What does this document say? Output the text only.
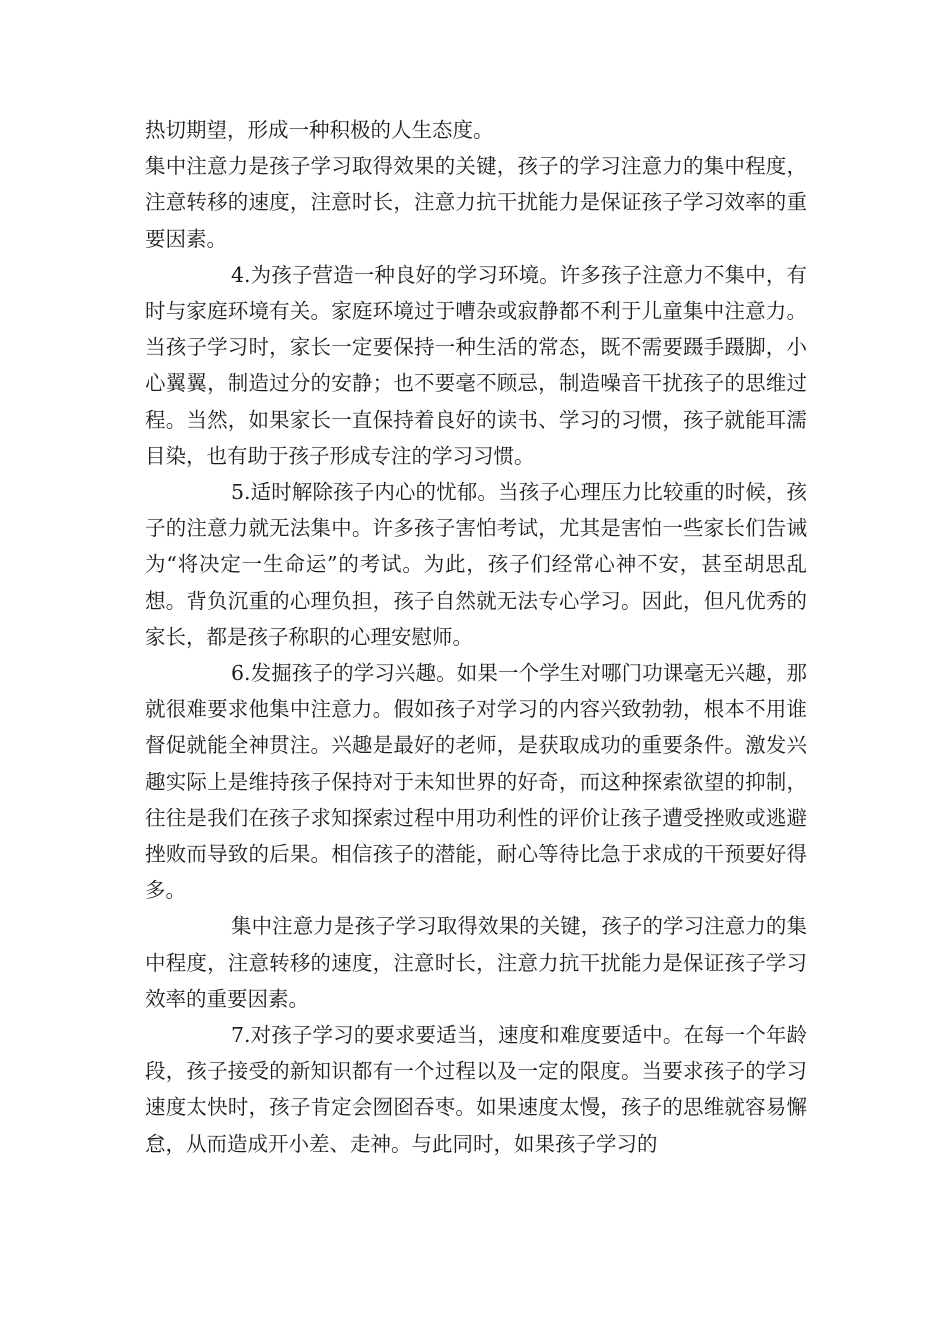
热切期望，形成一种积极的人生态度。

集中注意力是孩子学习取得效果的关键，孩子的学习注意力的集中程度，注意转移的速度，注意时长，注意力抗干扰能力是保证孩子学习效率的重要因素。

4.为孩子营造一种良好的学习环境。许多孩子注意力不集中，有时与家庭环境有关。家庭环境过于嘈杂或寂静都不利于儿童集中注意力。当孩子学习时，家长一定要保持一种生活的常态，既不需要蹑手蹑脚，小心翼翼，制造过分的安静；也不要毫不顾忌，制造噪音干扰孩子的思维过程。当然，如果家长一直保持着良好的读书、学习的习惯，孩子就能耳濡目染，也有助于孩子形成专注的学习习惯。

5.适时解除孩子内心的忧郁。当孩子心理压力比较重的时候，孩子的注意力就无法集中。许多孩子害怕考试，尤其是害怕一些家长们告诫为“将决定一生命运”的考试。为此，孩子们经常心神不安，甚至胡思乱想。背负沉重的心理负担，孩子自然就无法专心学习。因此，但凡优秀的家长，都是孩子称职的心理安慰师。

6.发掘孩子的学习兴趣。如果一个学生对哪门功课毫无兴趣，那就很难要求他集中注意力。假如孩子对学习的内容兴致勃勃，根本不用谁督促就能全神贯注。兴趣是最好的老师，是获取成功的重要条件。激发兴趣实际上是维持孩子保持对于未知世界的好奇，而这种探索欲望的抑制，往往是我们在孩子求知探索过程中用功利性的评价让孩子遭受挫败或逃避挫败而导致的后果。相信孩子的潜能，耐心等待比急于求成的干预要好得多。

集中注意力是孩子学习取得效果的关键，孩子的学习注意力的集中程度，注意转移的速度，注意时长，注意力抗干扰能力是保证孩子学习效率的重要因素。

7.对孩子学习的要求要适当，速度和难度要适中。在每一个年龄段，孩子接受的新知识都有一个过程以及一定的限度。当要求孩子的学习速度太快时，孩子肯定会囫囵吞枣。如果速度太慢，孩子的思维就容易懈怠，从而造成开小差、走神。与此同时，如果孩子学习的
